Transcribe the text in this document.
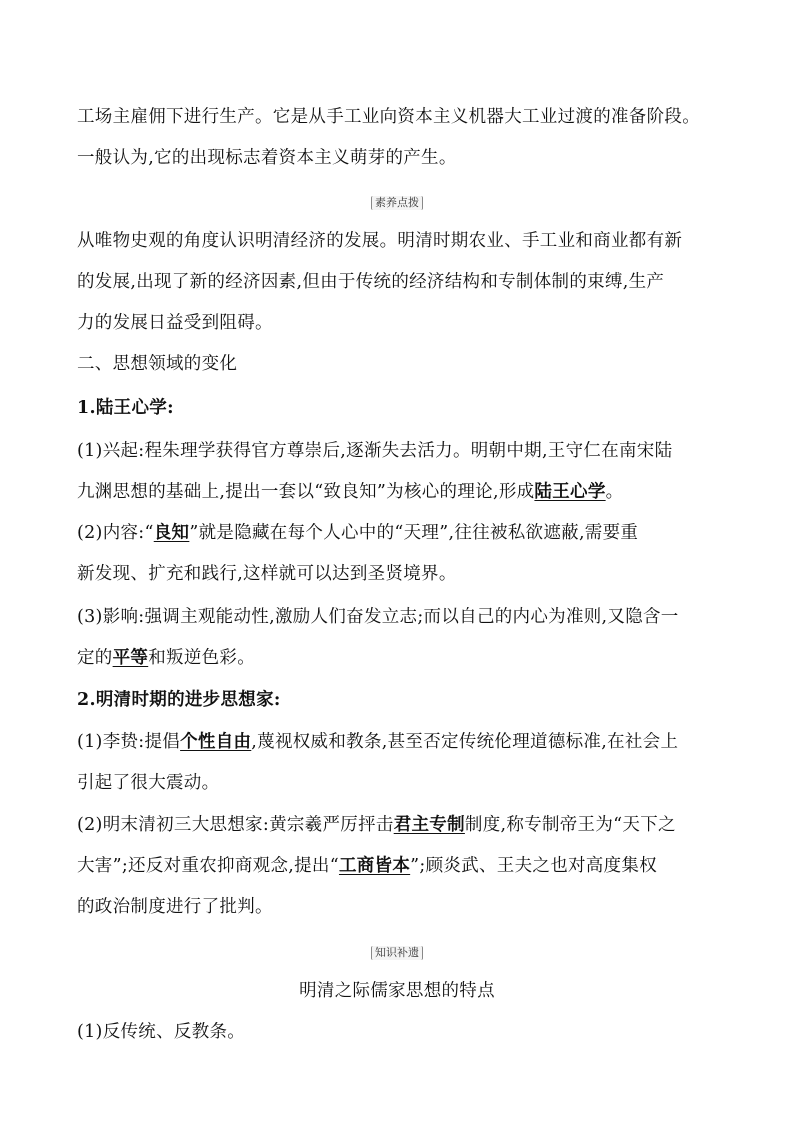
工场主雇佣下进行生产。它是从手工业向资本主义机器大工业过渡的准备阶段。
一般认为,它的出现标志着资本主义萌芽的产生。
素养点拨
从唯物史观的角度认识明清经济的发展。明清时期农业、手工业和商业都有新
的发展,出现了新的经济因素,但由于传统的经济结构和专制体制的束缚,生产
力的发展日益受到阻碍。
二、思想领域的变化
1.陆王心学:
(1)兴起:程朱理学获得官方尊崇后,逐渐失去活力。明朝中期,王守仁在南宋陆
九渊思想的基础上,提出一套以“致良知”为核心的理论,形成陆王心学。
(2)内容:“良知”就是隐藏在每个人心中的“天理”,往往被私欲遮蔽,需要重
新发现、扩充和践行,这样就可以达到圣贤境界。
(3)影响:强调主观能动性,激励人们奋发立志;而以自己的内心为准则,又隐含一
定的平等和叛逆色彩。
2.明清时期的进步思想家:
(1)李贽:提倡个性自由,蔑视权威和教条,甚至否定传统伦理道德标准,在社会上
引起了很大震动。
(2)明末清初三大思想家:黄宗羲严厉抨击君主专制制度,称专制帝王为“天下之
大害”;还反对重农抑商观念,提出“工商皆本”;顾炎武、王夫之也对高度集权
的政治制度进行了批判。
知识补遗
明清之际儒家思想的特点
(1)反传统、反教条。
